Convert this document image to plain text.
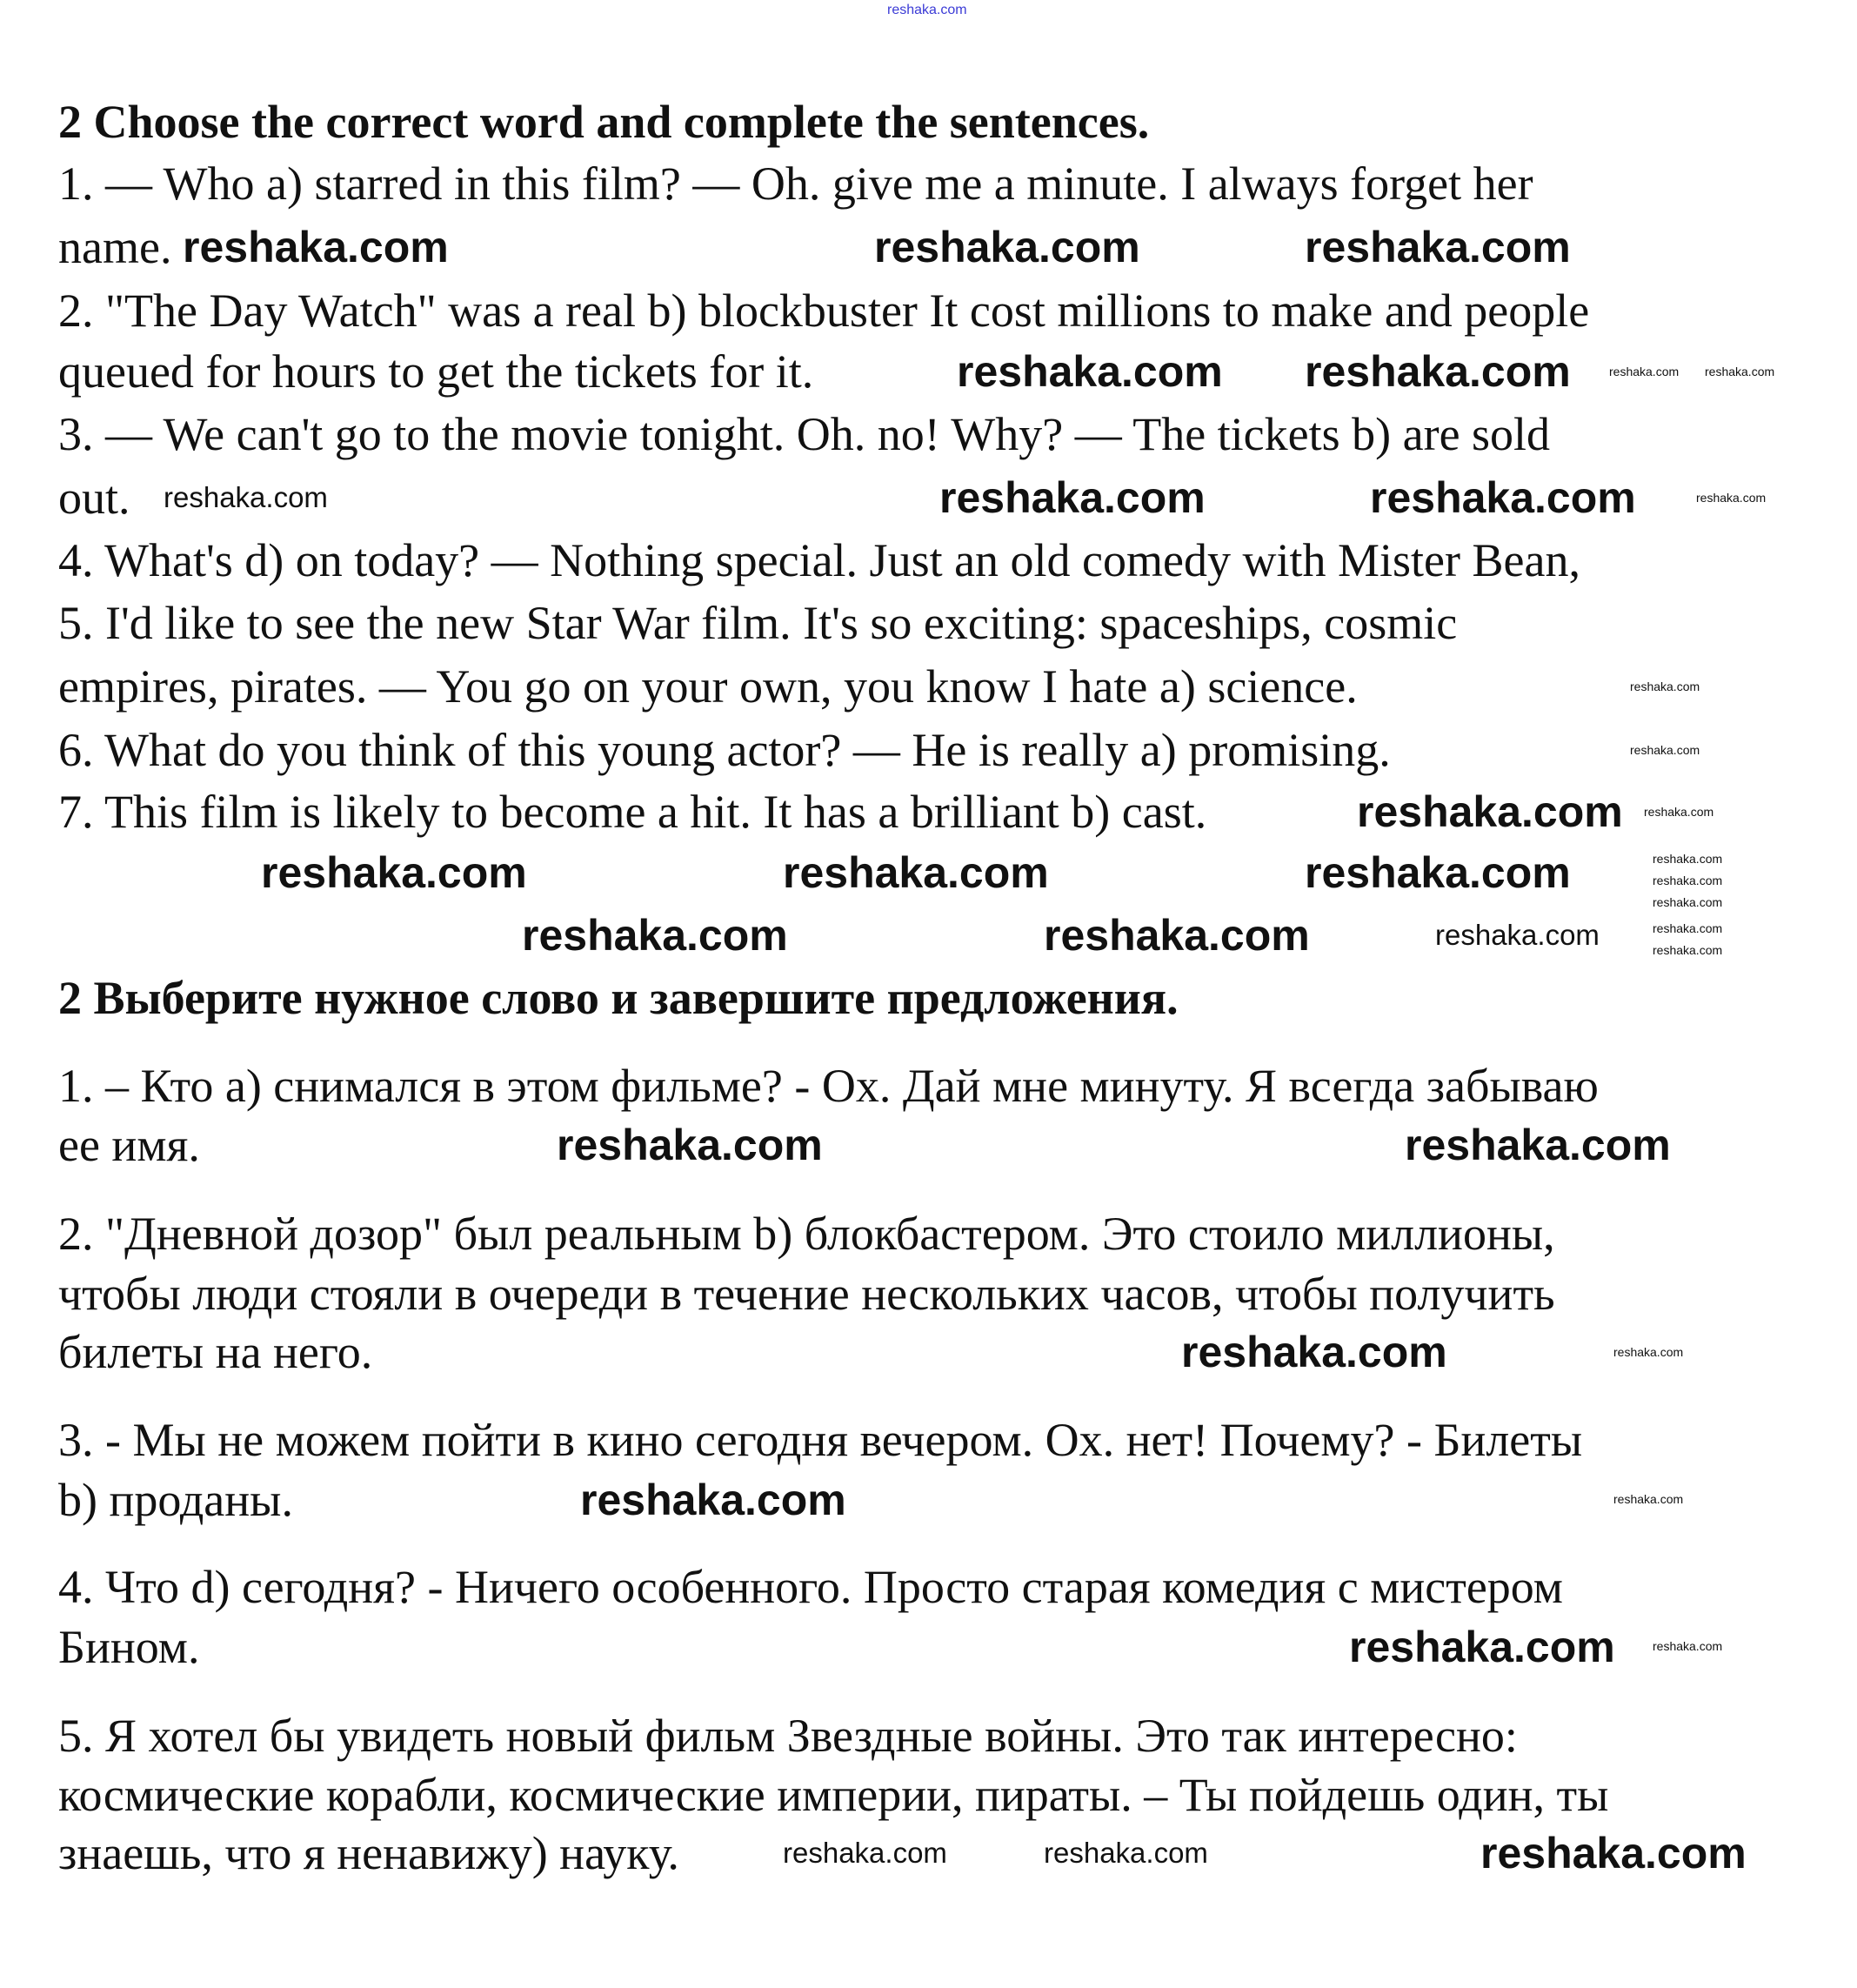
2 Choose the correct word and complete the sentences.
1. — Who a) starred in this film? — Oh. give me a minute. I always forget her
name.
2. "The Day Watch" was a real b) blockbuster It cost millions to make and people
queued for hours to get the tickets for it.
3. — We can't go to the movie tonight. Oh. no! Why? — The tickets b) are sold
out.
4. What's d) on today? — Nothing special. Just an old comedy with Mister Bean,
5. I'd like to see the new Star War film. It's so exciting: spaceships, cosmic
empires, pirates. — You go on your own, you know I hate a) science.
6. What do you think of this young actor? — He is really a) promising.
7. This film is likely to become a hit. It has a brilliant b) cast.
2 Выберите нужное слово и завершите предложения.
1. – Кто a) снимался в этом фильме? - Ох. Дай мне минуту. Я всегда забываю
ее имя.
2. "Дневной дозор" был реальным b) блокбастером. Это стоило миллионы,
чтобы люди стояли в очереди в течение нескольких часов, чтобы получить
билеты на него.
3. - Мы не можем пойти в кино сегодня вечером. Ох. нет! Почему? - Билеты
b) проданы.
4. Что d) сегодня? - Ничего особенного. Просто старая комедия с мистером
Бином.
5. Я хотел бы увидеть новый фильм Звездные войны. Это так интересно:
космические корабли, космические империи, пираты. – Ты пойдешь один, ты
знаешь, что я ненавижу) науку.
reshaka.com
reshaka.com	reshaka.com	reshaka.com
reshaka.com reshaka.com
reshaka.com	reshaka.com
reshaka.com
reshaka.com	reshaka.com	reshaka.com
reshaka.com	reshaka.com
reshaka.com	reshaka.com
reshaka.com
reshaka.com
reshaka.com
reshaka.com
reshaka.com
reshaka.com
reshaka.com	reshaka.com
reshaka.com reshaka.com
reshaka.com
reshaka.com
reshaka.com
reshaka.com
reshaka.com
reshaka.com
reshaka.com
reshaka.com
reshaka.com
reshaka.com
reshaka.com
reshaka.com
